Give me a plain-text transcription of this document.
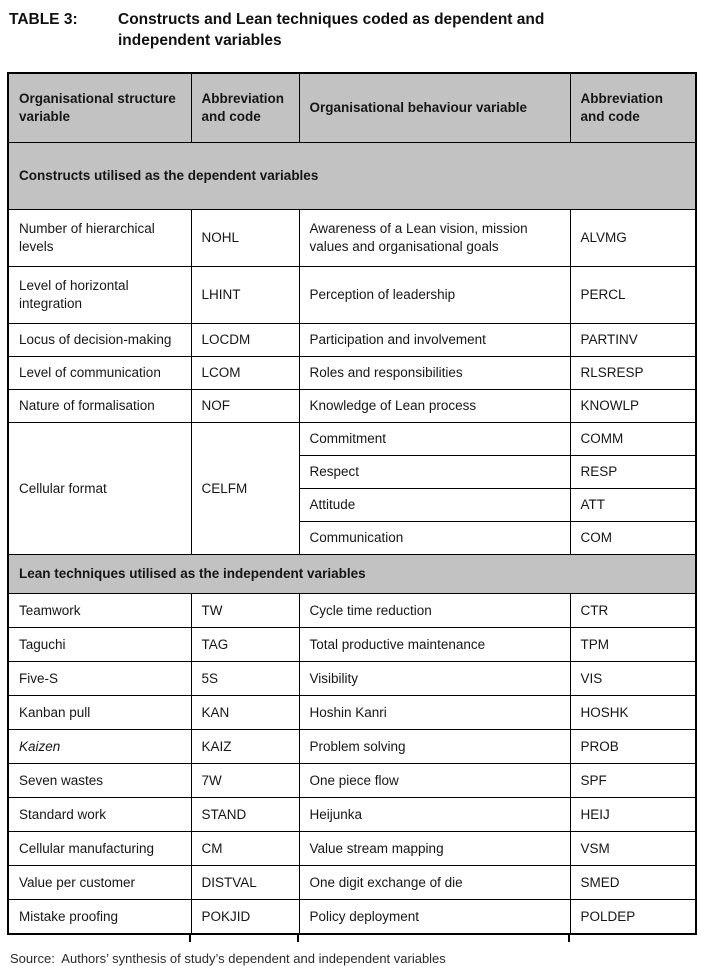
TABLE 3:	Constructs and Lean techniques coded as dependent and independent variables
Organisational structure variable	Abbreviation and code	Organisational behaviour variable	Abbreviation and code
Constructs utilised as the dependent variables			
Number of hierarchical levels	NOHL	Awareness of a Lean vision, mission values and organisational goals	ALVMG
Level of horizontal integration	LHINT	Perception of leadership	PERCL
Locus of decision-making	LOCDM	Participation and involvement	PARTINV
Level of communication	LCOM	Roles and responsibilities	RLSRESP
Nature of formalisation	NOF	Knowledge of Lean process	KNOWLP
Cellular format	CELFM	Commitment	COMM
		Respect	RESP
		Attitude	ATT
		Communication	COM
Lean techniques utilised as the independent variables			
Teamwork	TW	Cycle time reduction	CTR
Taguchi	TAG	Total productive maintenance	TPM
Five-S	5S	Visibility	VIS
Kanban pull	KAN	Hoshin Kanri	HOSHK
Kaizen	KAIZ	Problem solving	PROB
Seven wastes	7W	One piece flow	SPF
Standard work	STAND	Heijunka	HEIJ
Cellular manufacturing	CM	Value stream mapping	VSM
Value per customer	DISTVAL	One digit exchange of die	SMED
Mistake proofing	POKJID	Policy deployment	POLDEP
Source:  Authors’ synthesis of study’s dependent and independent variables
